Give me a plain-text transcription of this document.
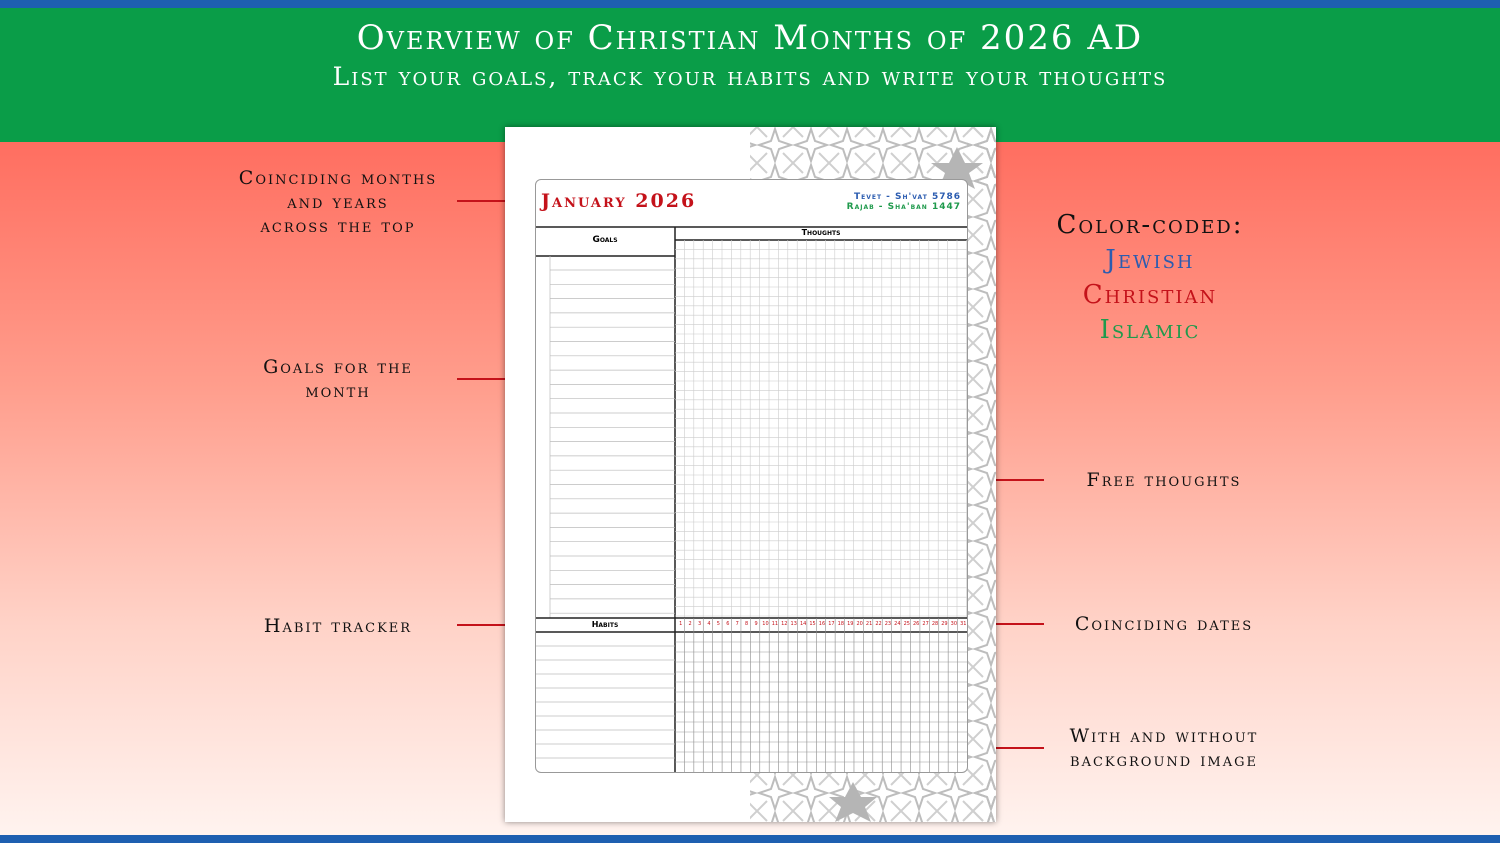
Overview of Christian Months of 2026 AD
List your goals, track your habits and write your thoughts
Coinciding months
and years
across the top
Goals for the
month
Habit tracker
Free thoughts
Coinciding dates
With and without
background image
Color-coded:
Jewish
Christian
Islamic
January 2026	Tevet - Sh'vat 5786
Rajab - Sha'ban 1447
Goals
Thoughts
Habits	1	2	3	4	5	6	7	8	9 10 11 12 13 14 15 16 17 18 19 20 21 22 23 24 25 26 27 28 29 30 31
